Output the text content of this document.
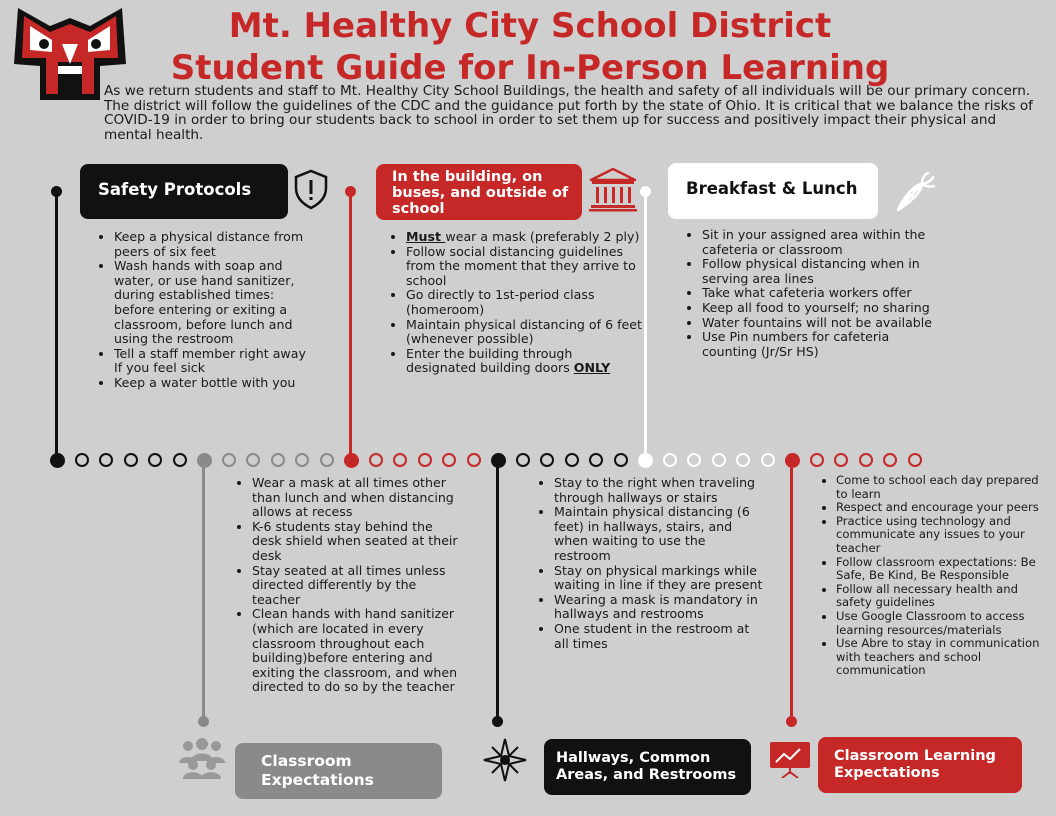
Mt. Healthy City School District
Student Guide for In-Person Learning
As we return students and staff to Mt. Healthy City School Buildings, the health and safety of all individuals will be our primary concern. The district will follow the guidelines of the CDC and the guidance put forth by the state of Ohio. It is critical that we balance the risks of COVID-19 in order to bring our students back to school in order to set them up for success and positively impact their physical and mental health.
Safety Protocols
• Keep a physical distance from peers of six feet
• Wash hands with soap and water, or use hand sanitizer, during established times: before entering or exiting a classroom, before lunch and using the restroom
• Tell a staff member right away If you feel sick
• Keep a water bottle with you
In the building, on
buses, and outside of
school
• Must wear a mask (preferably 2 ply)
• Follow social distancing guidelines from the moment that they arrive to school
• Go directly to 1st-period class (homeroom)
• Maintain physical distancing of 6 feet (whenever possible)
• Enter the building through designated building doors ONLY
Breakfast & Lunch
• Sit in your assigned area within the cafeteria or classroom
• Follow physical distancing when in serving area lines
• Take what cafeteria workers offer
• Keep all food to yourself; no sharing
• Water fountains will not be available
• Use Pin numbers for cafeteria counting (Jr/Sr HS)
• Wear a mask at all times other than lunch and when distancing allows at recess
• K-6 students stay behind the desk shield when seated at their desk
• Stay seated at all times unless directed differently by the teacher
• Clean hands with hand sanitizer (which are located in every classroom throughout each building)before entering and exiting the classroom, and when directed to do so by the teacher
Classroom
Expectations
• Stay to the right when traveling through hallways or stairs
• Maintain physical distancing (6 feet) in hallways, stairs, and when waiting to use the restroom
• Stay on physical markings while waiting in line if they are present
• Wearing a mask is mandatory in hallways and restrooms
• One student in the restroom at all times
Hallways, Common
Areas, and Restrooms
• Come to school each day prepared to learn
• Respect and encourage your peers
• Practice using technology and communicate any issues to your teacher
• Follow classroom expectations: Be Safe, Be Kind, Be Responsible
• Follow all necessary health and safety guidelines
• Use Google Classroom to access learning resources/materials
• Use Abre to stay in communication with teachers and school communication
Classroom Learning
Expectations
